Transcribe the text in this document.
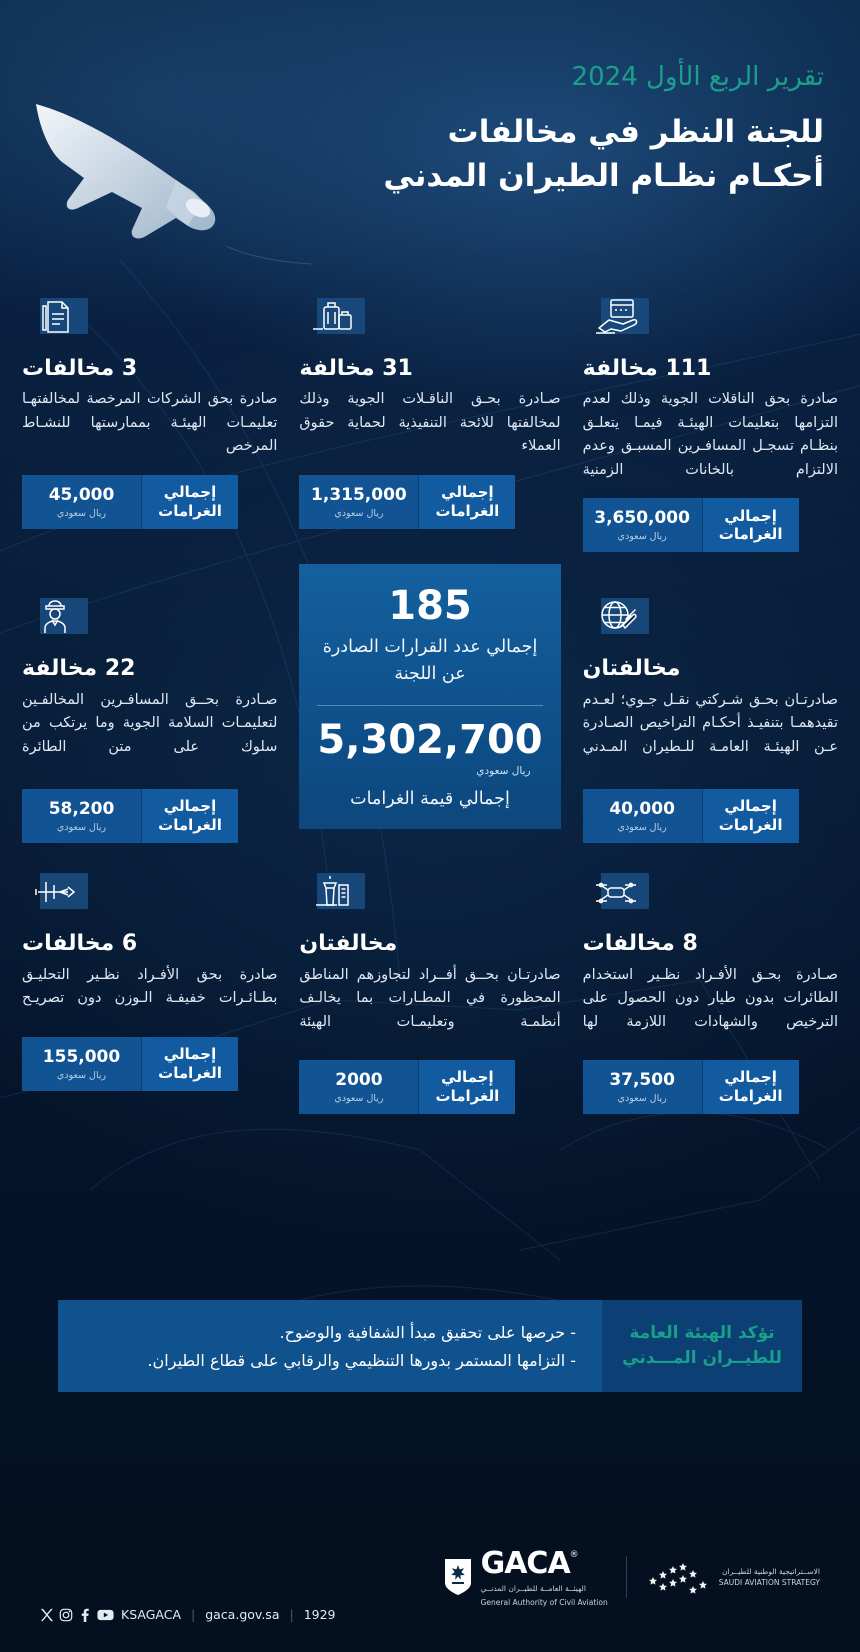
تقرير الربع الأول 2024
للجنة النظر في مخالفات
أحكـام نظـام الطيران المدني
111 مخالفة
صادرة بحق الناقلات الجوية وذلك لعدم التزامها بتعليمات الهيئـة فيمـا يتعلـق بنظـام تسجـل المسافـرين المسبـق وعدم الالتزام بالخانات الزمنية
إجمالي
الغرامات
3,650,000
ريال سعودي
31 مخالفة
صـادرة بحـق الناقـلات الجوية وذلك لمخالفتها للائحة التنفيذية لحماية حقوق العملاء
إجمالي
الغرامات
1,315,000
ريال سعودي
3 مخالفات
صادرة بحق الشركات المرخصة لمخالفتهـا تعليمـات الهيئـة بممارستها للنشـاط المرخص
إجمالي
الغرامات
45,000
ريال سعودي
مخالفتان
صادرتـان بحـق شـركتي نقـل جـوي؛ لعـدم تقيدهمـا بتنفيـذ أحكـام التراخيص الصـادرة عـن الهيئـة العامـة للـطيران المـدني
إجمالي
الغرامات
40,000
ريال سعودي
185
إجمالي عدد القرارات الصادرة عن اللجنة
5,302,700
ريال سعودي
إجمالي قيمة الغرامات
22 مخالفة
صـادرة بحــق المسافـرين المخالفـين لتعليمـات السلامة الجوية وما يرتكب من سلوك على متن الطائرة
إجمالي
الغرامات
58,200
ريال سعودي
8 مخالفات
صـادرة بحـق الأفـراد نظـير استخدام الطائرات بدون طيار دون الحصول على الترخيص والشهادات اللازمة لها
إجمالي
الغرامات
37,500
ريال سعودي
مخالفتان
صادرتـان بحــق أفــراد لتجاوزهم المناطق المحظورة في المطـارات بما يخالـف أنظمـة وتعليمـات الهيئة
إجمالي
الغرامات
2000
ريال سعودي
6 مخالفات
صادرة بحق الأفـراد نظـير التحليـق بطـائـرات خفيفـة الـوزن دون تصريـح
إجمالي
الغرامات
155,000
ريال سعودي
تؤكد الهيئة العامة
للطيــران المـــدني
- حرصها على تحقيق مبدأ الشفافية والوضوح.
- التزامها المستمر بدورها التنظيمي والرقابي على قطاع الطيران.
الاســتراتيجية الوطنية للطيــران
SAUDI AVIATION STRATEGY
GACA ®
الهيئــة العامــة للطيــران المدنــي
General Authority of Civil Aviation
KSAGACA | gaca.gov.sa | 1929
